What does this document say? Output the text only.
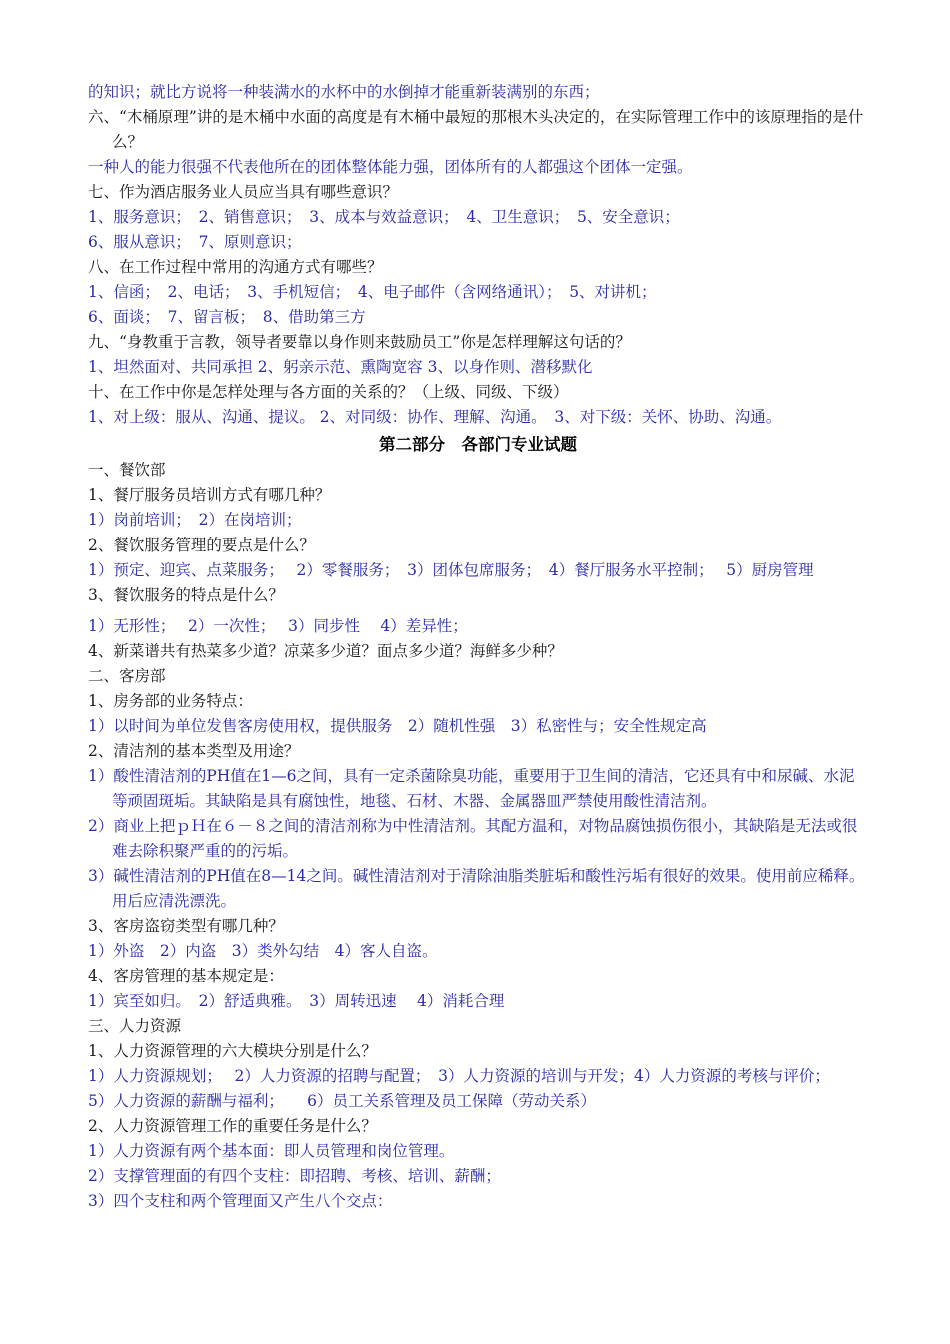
的知识；就比方说将一种装满水的水杯中的水倒掉才能重新装满别的东西；
六、“木桶原理”讲的是木桶中水面的高度是有木桶中最短的那根木头决定的，在实际管理工作中的该原理指的是什么？
一种人的能力很强不代表他所在的团体整体能力强，团体所有的人都强这个团体一定强。
七、作为酒店服务业人员应当具有哪些意识？
1、服务意识；　2、销售意识；　3、成本与效益意识；　4、卫生意识；　5、安全意识；
6、服从意识；　7、原则意识；
八、在工作过程中常用的沟通方式有哪些？
1、信函；　2、电话；　3、手机短信；　4、电子邮件（含网络通讯）；　5、对讲机；
6、面谈；　7、留言板；　8、借助第三方
九、“身教重于言教，领导者要靠以身作则来鼓励员工”你是怎样理解这句话的？
1、坦然面对、共同承担 2、躬亲示范、熏陶宽容 3、以身作则、潜移默化
十、在工作中你是怎样处理与各方面的关系的？（上级、同级、下级）
1、对上级：服从、沟通、提议。 2、对同级：协作、理解、沟通。　3、对下级：关怀、协助、沟通。
第二部分　各部门专业试题
一、餐饮部
1、餐厅服务员培训方式有哪几种？
1）岗前培训；　2）在岗培训；
2、餐饮服务管理的要点是什么？
1）预定、迎宾、点菜服务；　 2）零餐服务；　3）团体包席服务；　4）餐厅服务水平控制；　 5）厨房管理
3、餐饮服务的特点是什么？
1）无形性；　 2）一次性；　 3）同步性　 4）差异性；
4、新菜谱共有热菜多少道？凉菜多少道？面点多少道？海鲜多少种？
二、客房部
1、房务部的业务特点：
1）以时间为单位发售客房使用权，提供服务　2）随机性强　3）私密性与；安全性规定高
2、清洁剂的基本类型及用途？
1）酸性清洁剂的PH值在1—6之间，具有一定杀菌除臭功能，重要用于卫生间的清洁，它还具有中和尿碱、水泥等顽固斑垢。其缺陷是具有腐蚀性，地毯、石材、木器、金属器皿严禁使用酸性清洁剂。
2）商业上把ｐＨ在６－８之间的清洁剂称为中性清洁剂。其配方温和，对物品腐蚀损伤很小，其缺陷是无法或很难去除积聚严重的的污垢。
3）碱性清洁剂的PH值在8—14之间。碱性清洁剂对于清除油脂类脏垢和酸性污垢有很好的效果。使用前应稀释。用后应清洗漂洗。
3、客房盗窃类型有哪几种？
1）外盗　2）内盗　3）类外勾结　4）客人自盗。
4、客房管理的基本规定是：
1）宾至如归。　2）舒适典雅。　3）周转迅速　 4）消耗合理
三、人力资源
1、人力资源管理的六大模块分别是什么？
1）人力资源规划；　 2）人力资源的招聘与配置；　3）人力资源的培训与开发；4）人力资源的考核与评价；
5）人力资源的薪酬与福利；　　6）员工关系管理及员工保障（劳动关系）
2、人力资源管理工作的重要任务是什么？
1）人力资源有两个基本面：即人员管理和岗位管理。
2）支撑管理面的有四个支柱：即招聘、考核、培训、薪酬；
3）四个支柱和两个管理面又产生八个交点：
